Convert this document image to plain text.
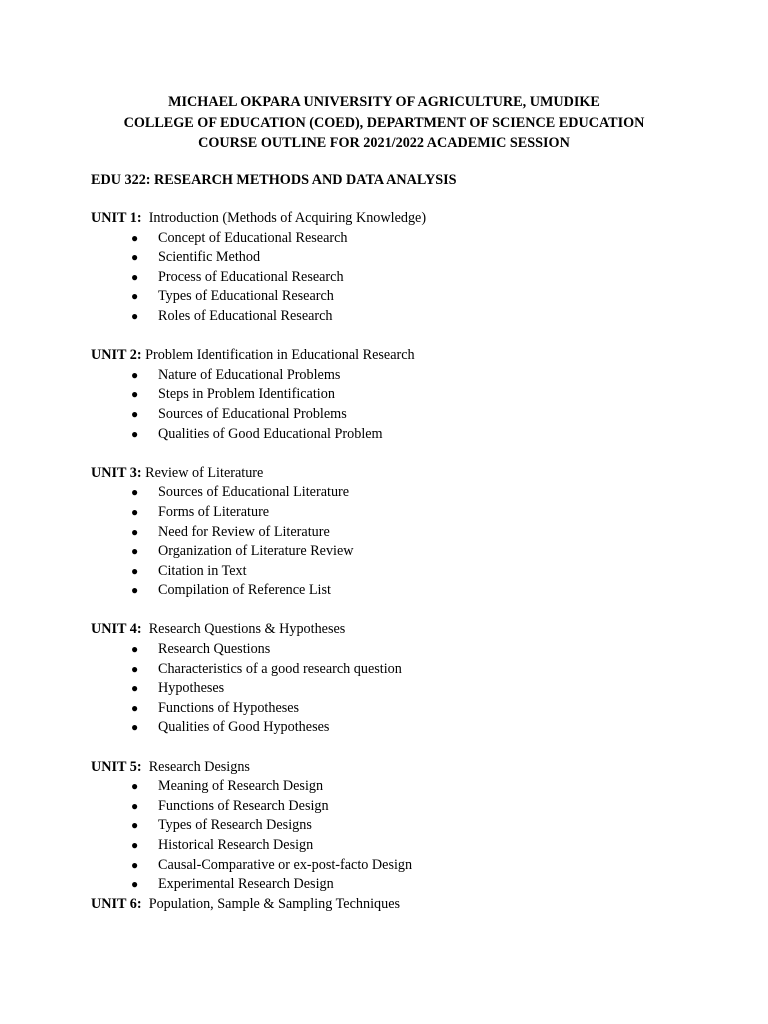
MICHAEL OKPARA UNIVERSITY OF AGRICULTURE, UMUDIKE
COLLEGE OF EDUCATION (COED), DEPARTMENT OF SCIENCE EDUCATION
COURSE OUTLINE FOR 2021/2022 ACADEMIC SESSION
EDU 322: RESEARCH METHODS AND DATA ANALYSIS
UNIT 1:  Introduction (Methods of Acquiring Knowledge)
● Concept of Educational Research
● Scientific Method
● Process of Educational Research
● Types of Educational Research
● Roles of Educational Research
UNIT 2: Problem Identification in Educational Research
● Nature of Educational Problems
● Steps in Problem Identification
● Sources of Educational Problems
● Qualities of Good Educational Problem
UNIT 3: Review of Literature
● Sources of Educational Literature
● Forms of Literature
● Need for Review of Literature
● Organization of Literature Review
● Citation in Text
● Compilation of Reference List
UNIT 4:  Research Questions & Hypotheses
● Research Questions
● Characteristics of a good research question
● Hypotheses
● Functions of Hypotheses
● Qualities of Good Hypotheses
UNIT 5:  Research Designs
● Meaning of Research Design
● Functions of Research Design
● Types of Research Designs
● Historical Research Design
● Causal-Comparative or ex-post-facto Design
● Experimental Research Design
UNIT 6:  Population, Sample & Sampling Techniques
